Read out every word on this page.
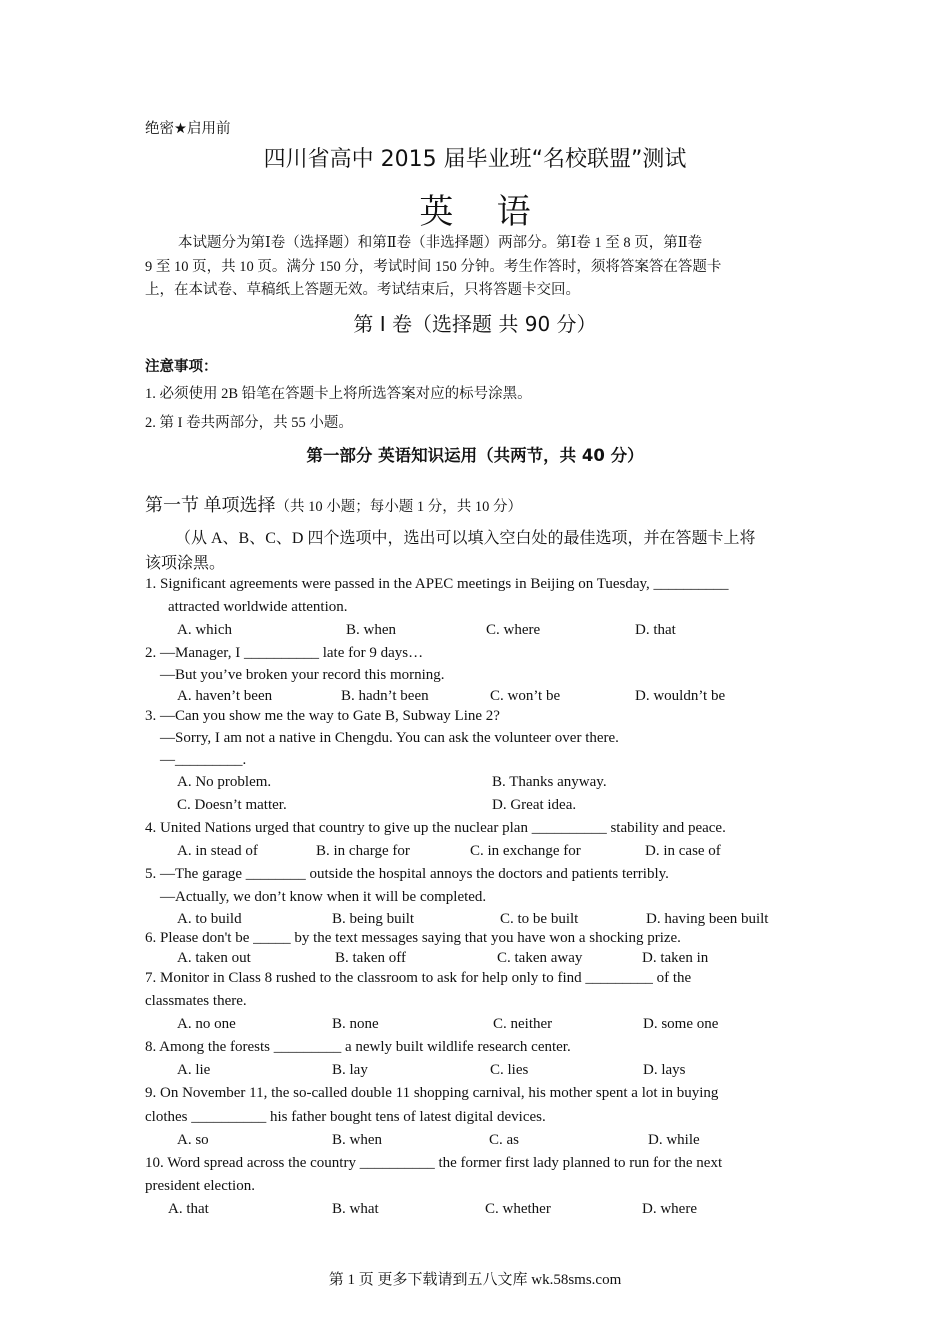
绝密★启用前
四川省高中 2015 届毕业班“名校联盟”测试
英    语
本试题分为第Ⅰ卷（选择题）和第Ⅱ卷（非选择题）两部分。第Ⅰ卷 1 至 8 页，第Ⅱ卷
9 至 10 页，共 10 页。满分 150 分，考试时间 150 分钟。考生作答时，须将答案答在答题卡
上，在本试卷、草稿纸上答题无效。考试结束后，只将答题卡交回。
第 Ⅰ 卷（选择题 共 90 分）
注意事项：
1. 必须使用 2B 铅笔在答题卡上将所选答案对应的标号涂黑。
2. 第 I 卷共两部分，共 55 小题。
第一部分 英语知识运用（共两节，共 40 分）
第一节 单项选择（共 10 小题；每小题 1 分，共 10 分）
（从 A、B、C、D 四个选项中，选出可以填入空白处的最佳选项，并在答题卡上将
该项涂黑。
1. Significant agreements were passed in the APEC meetings in Beijing on Tuesday, __________
attracted worldwide attention.
A. which	B. when	C. where	D. that
2. —Manager, I __________ late for 9 days…
—But you’ve broken your record this morning.
A. haven’t been	B. hadn’t been	C. won’t be	D. wouldn’t be
3. —Can you show me the way to Gate B, Subway Line 2?
—Sorry, I am not a native in Chengdu. You can ask the volunteer over there.
—_________.
A. No problem.	B. Thanks anyway.
C. Doesn’t matter.	D. Great idea.
4. United Nations urged that country to give up the nuclear plan __________ stability and peace.
A. in stead of	B. in charge for	C. in exchange for	D. in case of
5. —The garage ________ outside the hospital annoys the doctors and patients terribly.
—Actually, we don’t know when it will be completed.
A. to build	B. being built	C. to be built	D. having been built
6. Please don't be _____ by the text messages saying that you have won a shocking prize.
A. taken out	B. taken off	C. taken away	D. taken in
7. Monitor in Class 8 rushed to the classroom to ask for help only to find _________ of the
classmates there.
A. no one	B. none	C. neither	D. some one
8. Among the forests _________ a newly built wildlife research center.
A. lie	B. lay	C. lies	D. lays
9. On November 11, the so-called double 11 shopping carnival, his mother spent a lot in buying
clothes __________ his father bought tens of latest digital devices.
A. so	B. when	C. as	D. while
10. Word spread across the country __________ the former first lady planned to run for the next
president election.
A. that	B. what	C. whether	D. where
第 1 页 更多下载请到五八文库 wk.58sms.com
